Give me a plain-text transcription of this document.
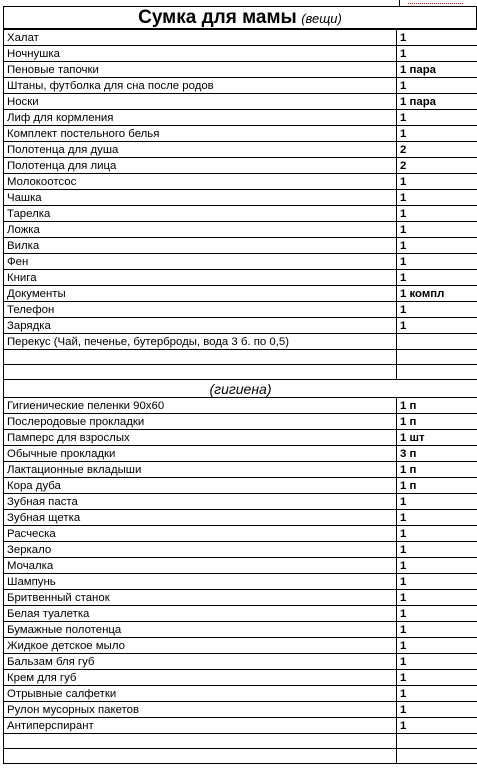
Сумка для мамы (вещи)
Халат	1
Ночнушка	1
Пеновые тапочки	1 пара
Штаны, футболка для сна после родов	1
Носки	1 пара
Лиф для кормления	1
Комплект постельного белья	1
Полотенца для душа	2
Полотенца для лица	2
Молокоотсос	1
Чашка	1
Тарелка	1
Ложка	1
Вилка	1
Фен	1
Книга	1
Документы	1 компл
Телефон	1
Зарядка	1
Перекус (Чай, печенье, бутерброды, вода 3 б. по 0,5)	

(гигиена)	
Гигиенические пеленки 90х60	1 п
Послеродовые прокладки	1 п
Памперс для взрослых	1 шт
Обычные прокладки	3 п
Лактационные вкладыши	1 п
Кора дуба	1 п
Зубная паста	1
Зубная щетка	1
Расческа	1
Зеркало	1
Мочалка	1
Шампунь	1
Бритвенный станок	1
Белая туалетка	1
Бумажные полотенца	1
Жидкое детское мыло	1
Бальзам бля губ	1
Крем для губ	1
Отрывные салфетки	1
Рулон мусорных пакетов	1
Антиперспирант	1
